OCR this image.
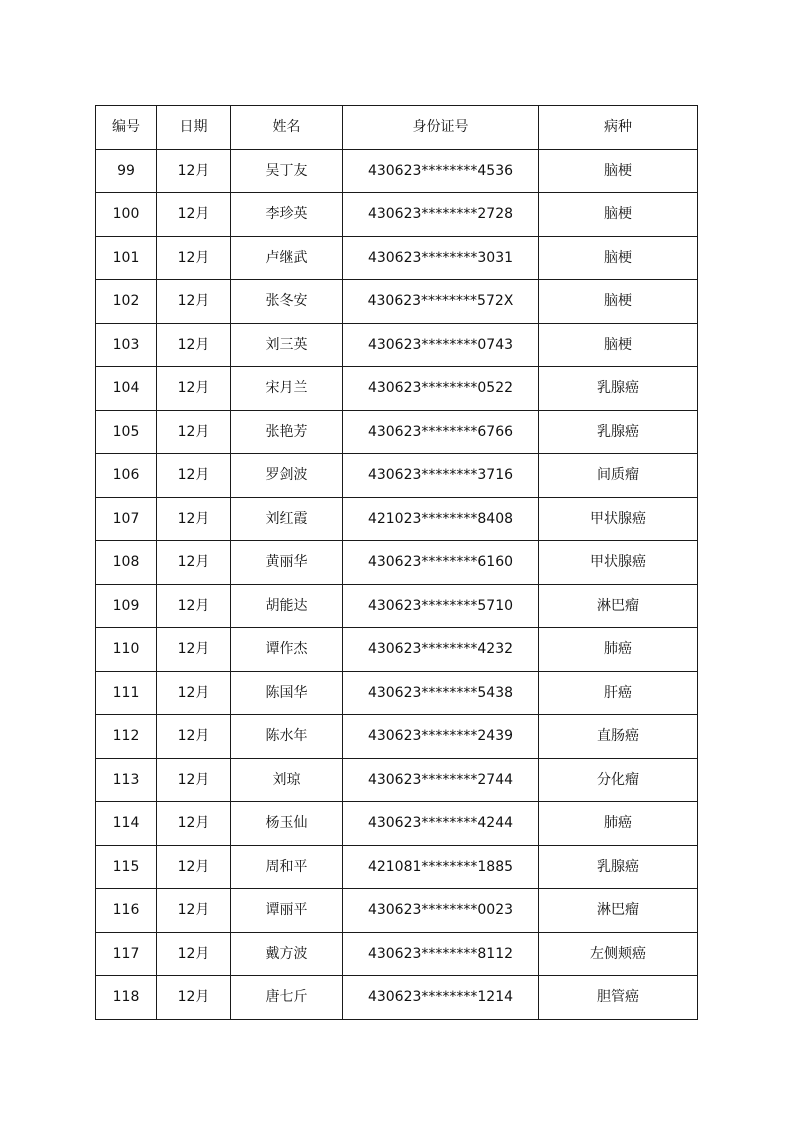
编号	日期	姓名	身份证号	病种
99	12月	吴丁友	430623********4536	脑梗
100	12月	李珍英	430623********2728	脑梗
101	12月	卢继武	430623********3031	脑梗
102	12月	张冬安	430623********572X	脑梗
103	12月	刘三英	430623********0743	脑梗
104	12月	宋月兰	430623********0522	乳腺癌
105	12月	张艳芳	430623********6766	乳腺癌
106	12月	罗剑波	430623********3716	间质瘤
107	12月	刘红霞	421023********8408	甲状腺癌
108	12月	黄丽华	430623********6160	甲状腺癌
109	12月	胡能达	430623********5710	淋巴瘤
110	12月	谭作杰	430623********4232	肺癌
111	12月	陈国华	430623********5438	肝癌
112	12月	陈水年	430623********2439	直肠癌
113	12月	刘琼	430623********2744	分化瘤
114	12月	杨玉仙	430623********4244	肺癌
115	12月	周和平	421081********1885	乳腺癌
116	12月	谭丽平	430623********0023	淋巴瘤
117	12月	戴方波	430623********8112	左侧颊癌
118	12月	唐七斤	430623********1214	胆管癌
